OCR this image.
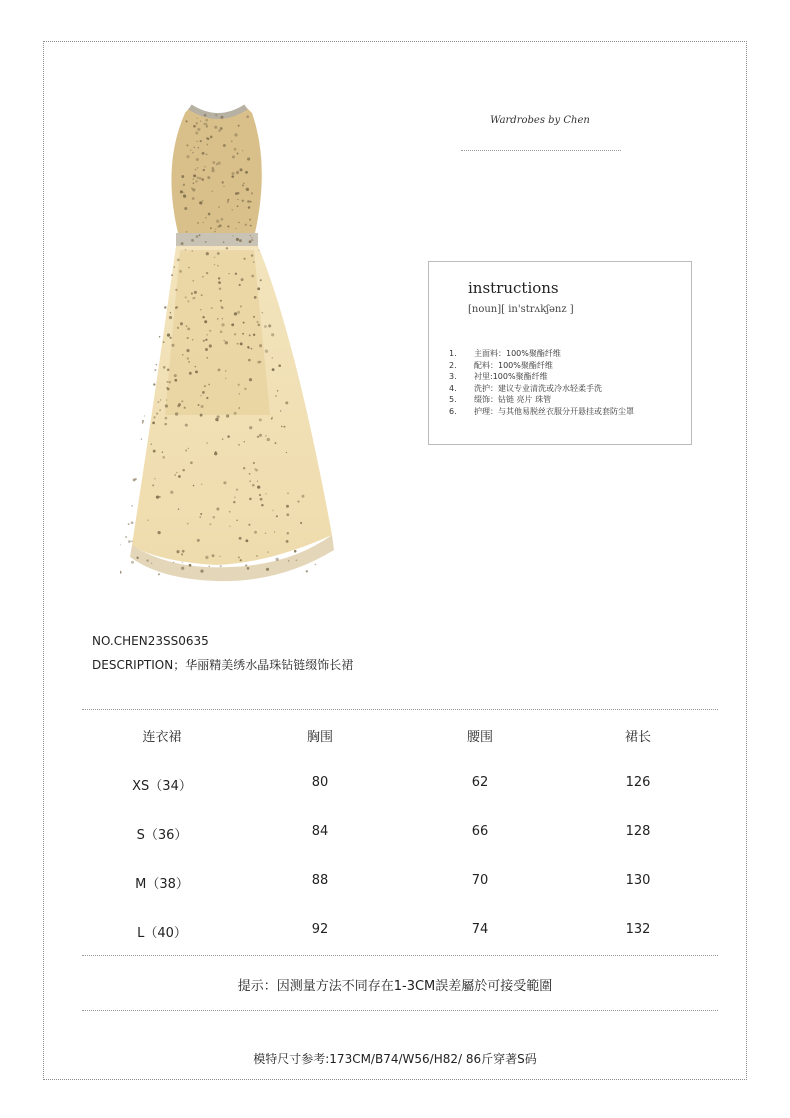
Wardrobes by Chen
instructions
[noun][ in'strʌkʃənz ]
1. 主面料：100%聚酯纤维
2. 配料：100%聚酯纤维
3. 衬里:100%聚酯纤维
4. 洗护：建议专业清洗或冷水轻柔手洗
5. 缀饰：钻链 亮片 珠管
6. 护理：与其他易脱丝衣服分开悬挂或套防尘罩
NO.CHEN23SS0635
DESCRIPTION；华丽精美绣水晶珠钻链缀饰长裙
连衣裙	胸围	腰围	裙长
XS（34）	80	62	126
S（36）	84	66	128
M（38）	88	70	130
L（40）	92	74	132
提示：因测量方法不同存在1-3CM誤差屬於可接受範圍
模特尺寸参考:173CM/B74/W56/H82/ 86斤穿著S码
